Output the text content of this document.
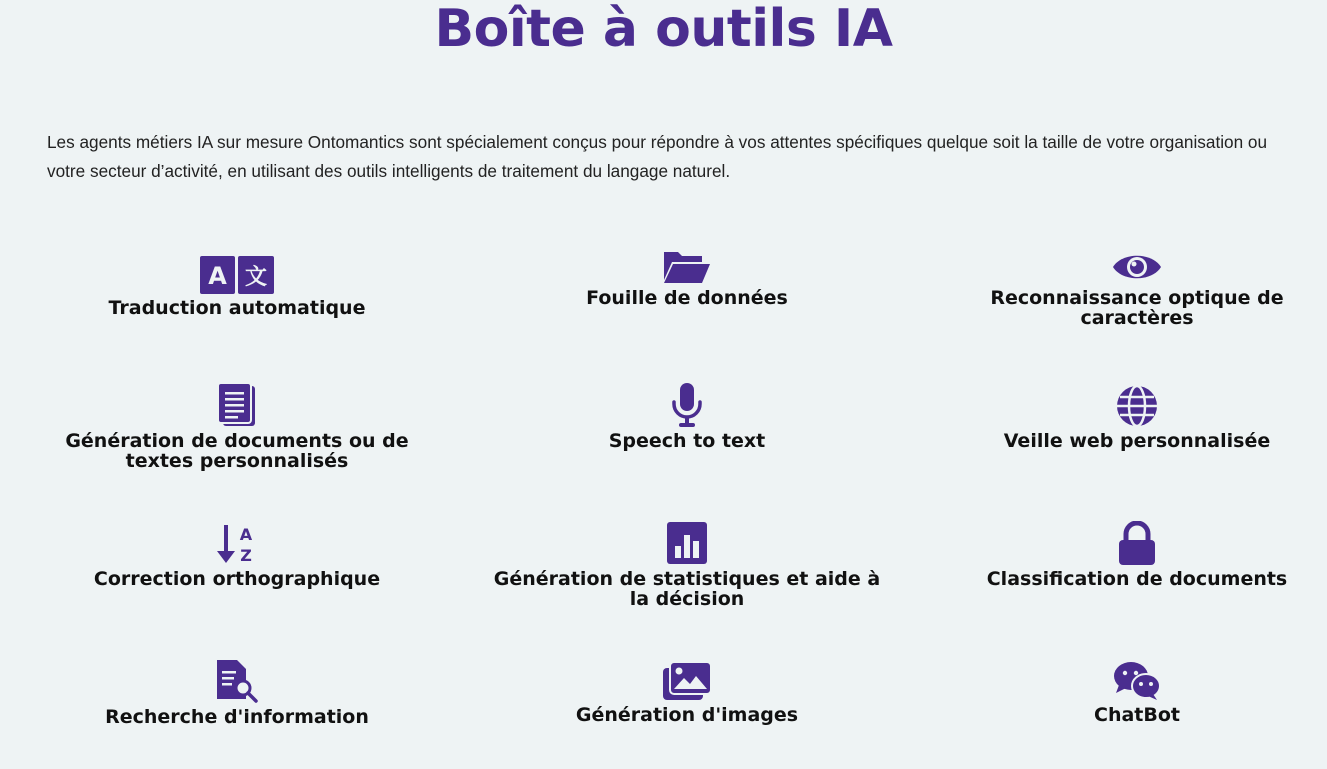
Boîte à outils IA

Les agents métiers IA sur mesure Ontomantics sont spécialement conçus pour répondre à vos attentes spécifiques quelque soit la taille de votre organisation ou votre secteur d’activité, en utilisant des outils intelligents de traitement du langage naturel.

A 文
Traduction automatique	Fouille de données	Reconnaissance optique de caractères
Génération de documents ou de textes personnalisés
Speech to text	Veille web personnalisée
A
Z
Correction orthographique	Génération de statistiques et aide à la décision
Classification de documents
Recherche d'information	Génération d'images	ChatBot
